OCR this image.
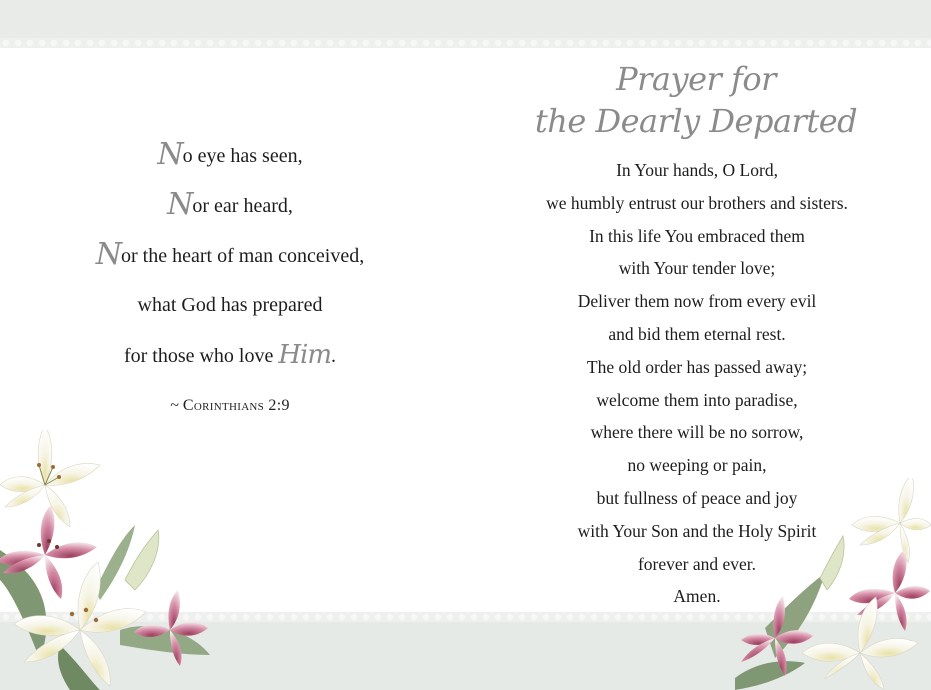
No eye has seen,
Nor ear heard,
Nor the heart of man conceived,
what God has prepared
for those who love Him.
~ Corinthians 2:9
Prayer for
the Dearly Departed
In Your hands, O Lord,
we humbly entrust our brothers and sisters.
In this life You embraced them
with Your tender love;
Deliver them now from every evil
and bid them eternal rest.
The old order has passed away;
welcome them into paradise,
where there will be no sorrow,
no weeping or pain,
but fullness of peace and joy
with Your Son and the Holy Spirit
forever and ever.
Amen.
